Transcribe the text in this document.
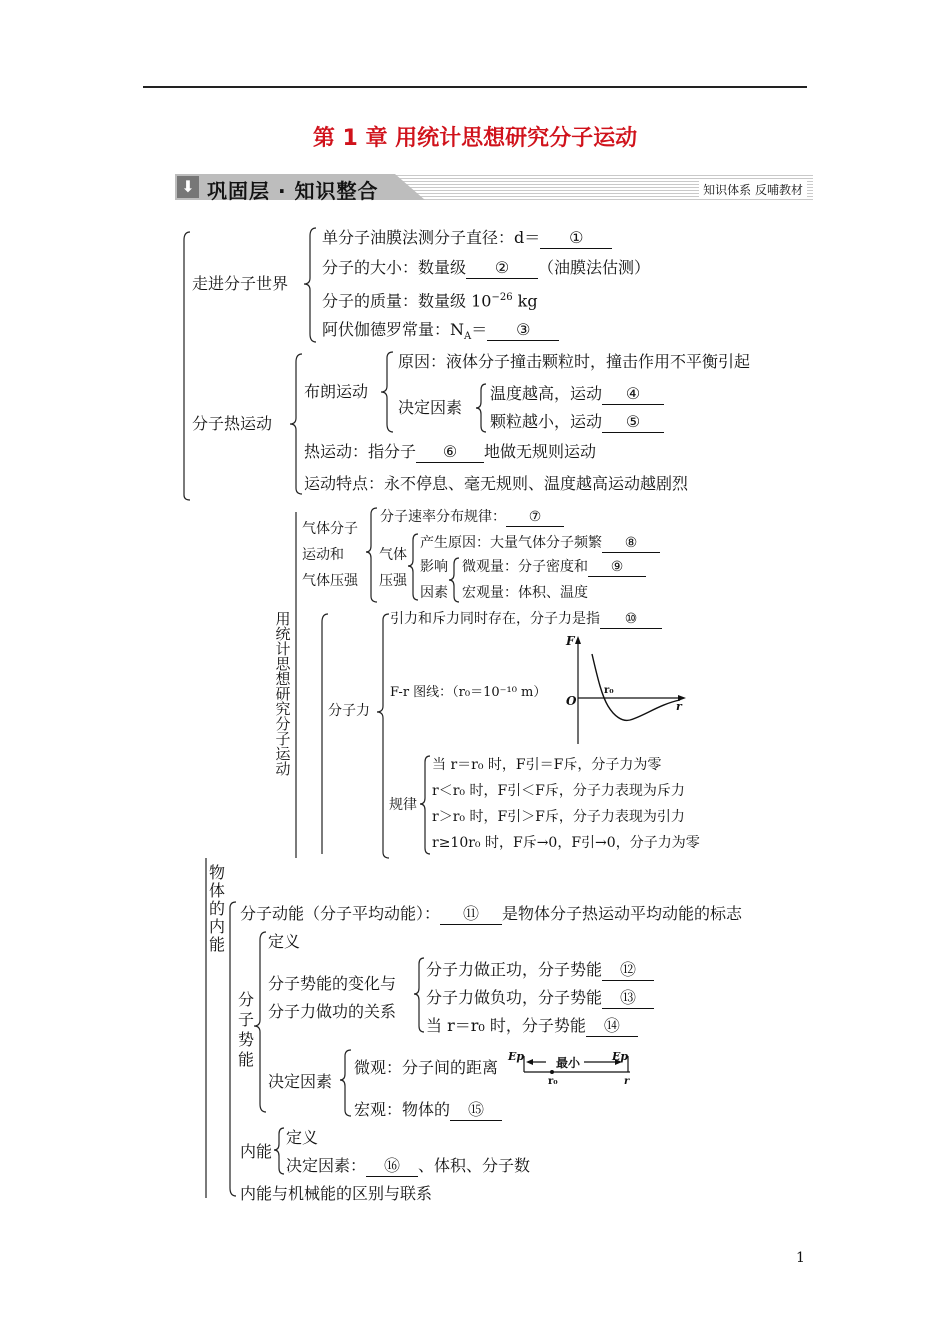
第 1 章 用统计思想研究分子运动
⬇ 巩固层 · 知识整合	知识体系 反哺教材
走进分子世界
单分子油膜法测分子直径：d＝ ①
分子的大小：数量级 ② （油膜法估测）
分子的质量：数量级 $10^{-26}$ kg
阿伏伽德罗常量：$N_A=$ ③
分子热运动
布朗运动
原因：液体分子撞击颗粒时，撞击作用不平衡引起
决定因素
温度越高，运动 ④
颗粒越小，运动 ⑤
热运动：指分子 ⑥ 地做无规则运动
运动特点：永不停息、毫无规则、温度越高运动越剧烈
用统计思想研究分子运动
气体分子
运动和
气体压强
分子速率分布规律： ⑦
气体
压强
产生原因：大量气体分子频繁 ⑧
影响
因素
微观量：分子密度和 ⑨
宏观量：体积、温度
分子力
引力和斥力同时存在，分子力是指 ⑩
F-r 图线：（r₀＝10⁻¹⁰ m）
F
O
r₀
r
规律
当 r＝r₀ 时，F引＝F斥，分子力为零
r＜r₀ 时，F引＜F斥，分子力表现为斥力
r＞r₀ 时，F引＞F斥，分子力表现为引力
r≥10r₀ 时，F斥→0，F引→0，分子力为零
物体的内能
分子动能（分子平均动能）： ⑪ 是物体分子热运动平均动能的标志
分子势能
定义
分子势能的变化与
分子力做功的关系
分子力做正功，分子势能 ⑫
分子力做负功，分子势能 ⑬
当 r＝r₀ 时，分子势能 ⑭
决定因素
微观：分子间的距离
Ep	最小	Ep
r₀	r
宏观：物体的 ⑮
内能
定义
决定因素： ⑯ 、体积、分子数
内能与机械能的区别与联系
1
